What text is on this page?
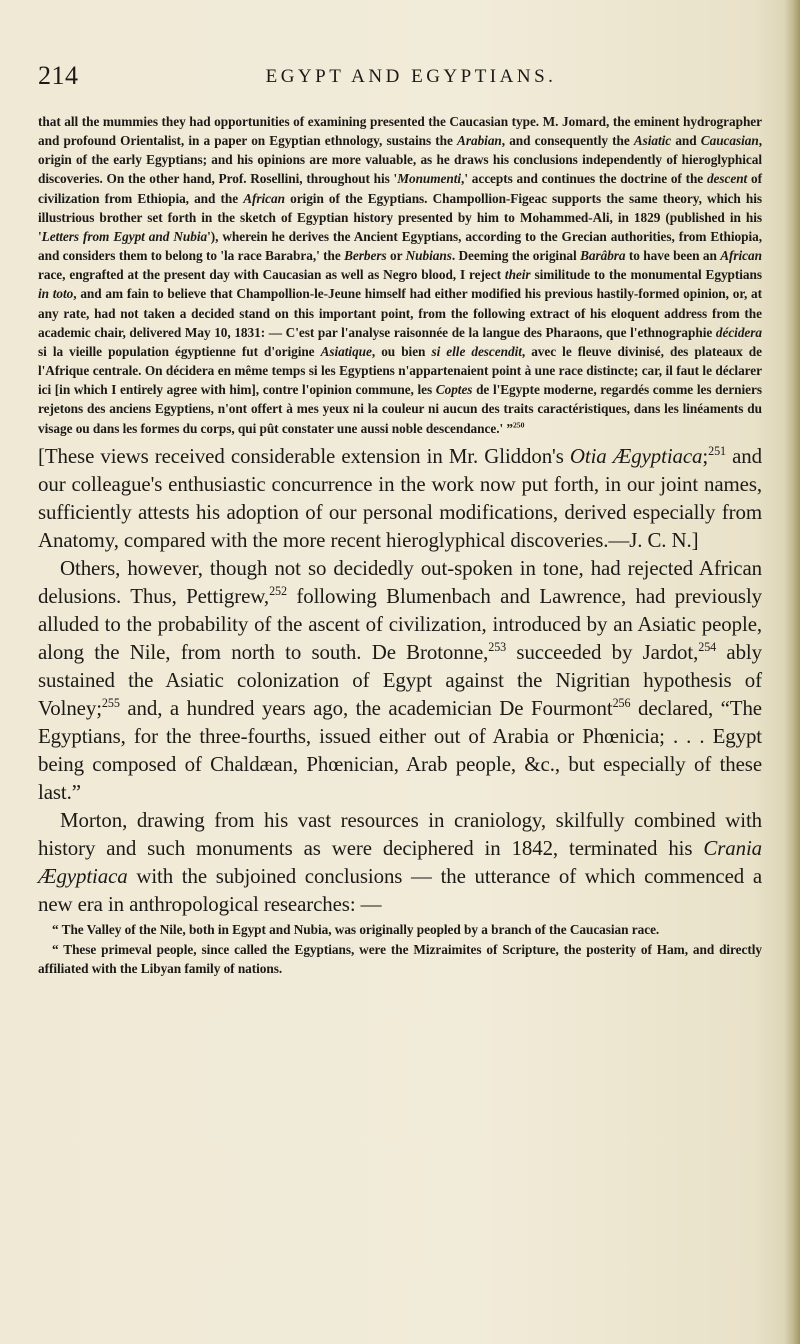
214	EGYPT AND EGYPTIANS.

that all the mummies they had opportunities of examining presented the Caucasian type. M. Jomard, the eminent hydrographer and profound Orientalist, in a paper on Egyptian ethnology, sustains the Arabian, and consequently the Asiatic and Caucasian, origin of the early Egyptians; and his opinions are more valuable, as he draws his conclusions independently of hieroglyphical discoveries. On the other hand, Prof. Rosellini, throughout his 'Monumenti,' accepts and continues the doctrine of the descent of civilization from Ethiopia, and the African origin of the Egyptians. Champollion-Figeac supports the same theory, which his illustrious brother set forth in the sketch of Egyptian history presented by him to Mohammed-Ali, in 1829 (published in his 'Letters from Egypt and Nubia'), wherein he derives the Ancient Egyptians, according to the Grecian authorities, from Ethiopia, and considers them to belong to 'la race Barabra,' the Berbers or Nubians. Deeming the original Barâbra to have been an African race, engrafted at the present day with Caucasian as well as Negro blood, I reject their similitude to the monumental Egyptians in toto, and am fain to believe that Champollion-le-Jeune himself had either modified his previous hastily-formed opinion, or, at any rate, had not taken a decided stand on this important point, from the following extract of his eloquent address from the academic chair, delivered May 10, 1831: — C'est par l'analyse raisonnée de la langue des Pharaons, que l'ethnographie décidera si la vieille population égyptienne fut d'origine Asiatique, ou bien si elle descendit, avec le fleuve divinisé, des plateaux de l'Afrique centrale. On décidera en même temps si les Egyptiens n'appartenaient point à une race distincte; car, il faut le déclarer ici [in which I entirely agree with him], contre l'opinion commune, les Coptes de l'Egypte moderne, regardés comme les derniers rejetons des anciens Egyptiens, n'ont offert à mes yeux ni la couleur ni aucun des traits caractéristiques, dans les linéaments du visage ou dans les formes du corps, qui pût constater une aussi noble descendance.' ”$^{250}$

[These views received considerable extension in Mr. Gliddon's Otia Ægyptiaca;$^{251}$ and our colleague's enthusiastic concurrence in the work now put forth, in our joint names, sufficiently attests his adoption of our personal modifications, derived especially from Anatomy, compared with the more recent hieroglyphical discoveries.—J. C. N.]

Others, however, though not so decidedly out-spoken in tone, had rejected African delusions. Thus, Pettigrew,$^{252}$ following Blumenbach and Lawrence, had previously alluded to the probability of the ascent of civilization, introduced by an Asiatic people, along the Nile, from north to south. De Brotonne,$^{253}$ succeeded by Jardot,$^{254}$ ably sustained the Asiatic colonization of Egypt against the Nigritian hypothesis of Volney;$^{255}$ and, a hundred years ago, the academician De Fourmont$^{256}$ declared, “The Egyptians, for the three-fourths, issued either out of Arabia or Phœnicia; . . . Egypt being composed of Chaldæan, Phœnician, Arab people, &c., but especially of these last.”

Morton, drawing from his vast resources in craniology, skilfully combined with history and such monuments as were deciphered in 1842, terminated his Crania Ægyptiaca with the subjoined conclusions — the utterance of which commenced a new era in anthropological researches: —

“ The Valley of the Nile, both in Egypt and Nubia, was originally peopled by a branch of the Caucasian race.

“ These primeval people, since called the Egyptians, were the Mizraimites of Scripture, the posterity of Ham, and directly affiliated with the Libyan family of nations.
